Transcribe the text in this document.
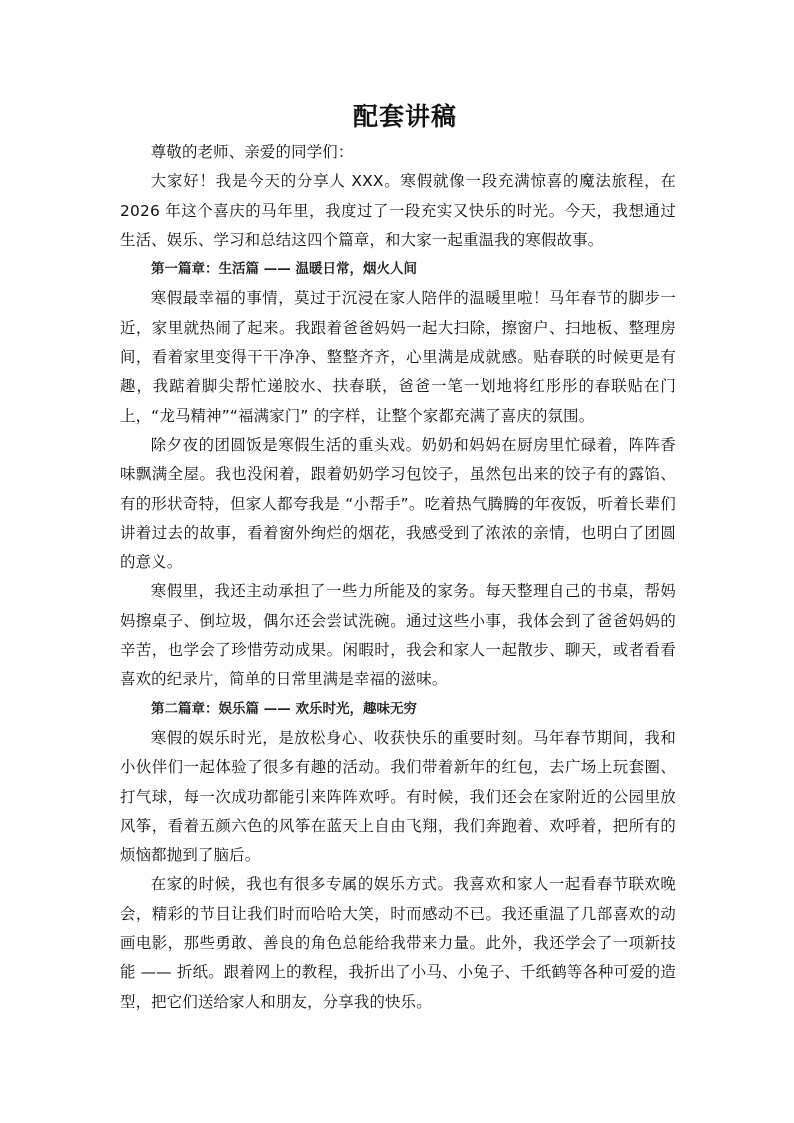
配套讲稿

尊敬的老师、亲爱的同学们：

大家好！我是今天的分享人 XXX。寒假就像一段充满惊喜的魔法旅程，在 2026 年这个喜庆的马年里，我度过了一段充实又快乐的时光。今天，我想通过生活、娱乐、学习和总结这四个篇章，和大家一起重温我的寒假故事。

第一篇章：生活篇 —— 温暖日常，烟火人间

寒假最幸福的事情，莫过于沉浸在家人陪伴的温暖里啦！马年春节的脚步一近，家里就热闹了起来。我跟着爸爸妈妈一起大扫除，擦窗户、扫地板、整理房间，看着家里变得干干净净、整整齐齐，心里满是成就感。贴春联的时候更是有趣，我踮着脚尖帮忙递胶水、扶春联，爸爸一笔一划地将红彤彤的春联贴在门上，“龙马精神”“福满家门” 的字样，让整个家都充满了喜庆的氛围。

除夕夜的团圆饭是寒假生活的重头戏。奶奶和妈妈在厨房里忙碌着，阵阵香味飘满全屋。我也没闲着，跟着奶奶学习包饺子，虽然包出来的饺子有的露馅、有的形状奇特，但家人都夸我是 “小帮手”。吃着热气腾腾的年夜饭，听着长辈们讲着过去的故事，看着窗外绚烂的烟花，我感受到了浓浓的亲情，也明白了团圆的意义。

寒假里，我还主动承担了一些力所能及的家务。每天整理自己的书桌，帮妈妈擦桌子、倒垃圾，偶尔还会尝试洗碗。通过这些小事，我体会到了爸爸妈妈的辛苦，也学会了珍惜劳动成果。闲暇时，我会和家人一起散步、聊天，或者看看喜欢的纪录片，简单的日常里满是幸福的滋味。

第二篇章：娱乐篇 —— 欢乐时光，趣味无穷

寒假的娱乐时光，是放松身心、收获快乐的重要时刻。马年春节期间，我和小伙伴们一起体验了很多有趣的活动。我们带着新年的红包，去广场上玩套圈、打气球，每一次成功都能引来阵阵欢呼。有时候，我们还会在家附近的公园里放风筝，看着五颜六色的风筝在蓝天上自由飞翔，我们奔跑着、欢呼着，把所有的烦恼都抛到了脑后。

在家的时候，我也有很多专属的娱乐方式。我喜欢和家人一起看春节联欢晚会，精彩的节目让我们时而哈哈大笑，时而感动不已。我还重温了几部喜欢的动画电影，那些勇敢、善良的角色总能给我带来力量。此外，我还学会了一项新技能 —— 折纸。跟着网上的教程，我折出了小马、小兔子、千纸鹤等各种可爱的造型，把它们送给家人和朋友，分享我的快乐。
